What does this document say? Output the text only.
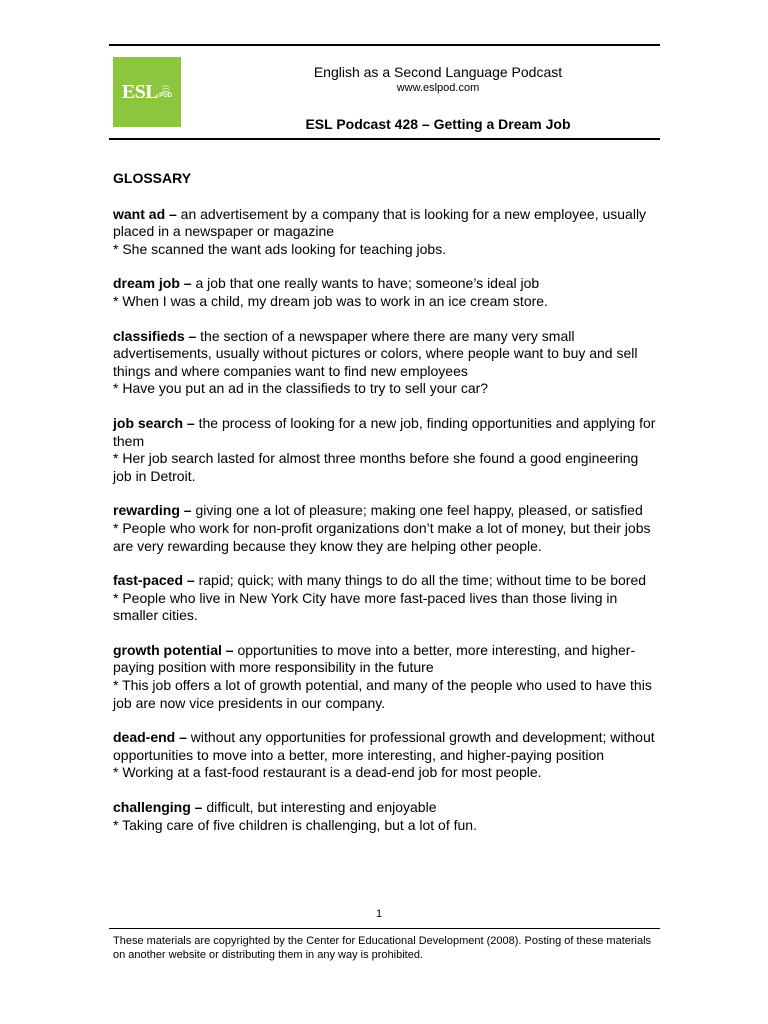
ESL )))
POD
English as a Second Language Podcast
www.eslpod.com
ESL Podcast 428 – Getting a Dream Job
GLOSSARY
want ad – an advertisement by a company that is looking for a new employee, usually placed in a newspaper or magazine
* She scanned the want ads looking for teaching jobs.
dream job – a job that one really wants to have; someone’s ideal job
* When I was a child, my dream job was to work in an ice cream store.
classifieds – the section of a newspaper where there are many very small advertisements, usually without pictures or colors, where people want to buy and sell things and where companies want to find new employees
* Have you put an ad in the classifieds to try to sell your car?
job search – the process of looking for a new job, finding opportunities and applying for them
* Her job search lasted for almost three months before she found a good engineering job in Detroit.
rewarding – giving one a lot of pleasure; making one feel happy, pleased, or satisfied
* People who work for non-profit organizations don’t make a lot of money, but their jobs are very rewarding because they know they are helping other people.
fast-paced – rapid; quick; with many things to do all the time; without time to be bored
* People who live in New York City have more fast-paced lives than those living in smaller cities.
growth potential – opportunities to move into a better, more interesting, and higher-paying position with more responsibility in the future
* This job offers a lot of growth potential, and many of the people who used to have this job are now vice presidents in our company.
dead-end – without any opportunities for professional growth and development; without opportunities to move into a better, more interesting, and higher-paying position
* Working at a fast-food restaurant is a dead-end job for most people.
challenging – difficult, but interesting and enjoyable
* Taking care of five children is challenging, but a lot of fun.
1
These materials are copyrighted by the Center for Educational Development (2008). Posting of these materials on another website or distributing them in any way is prohibited.
